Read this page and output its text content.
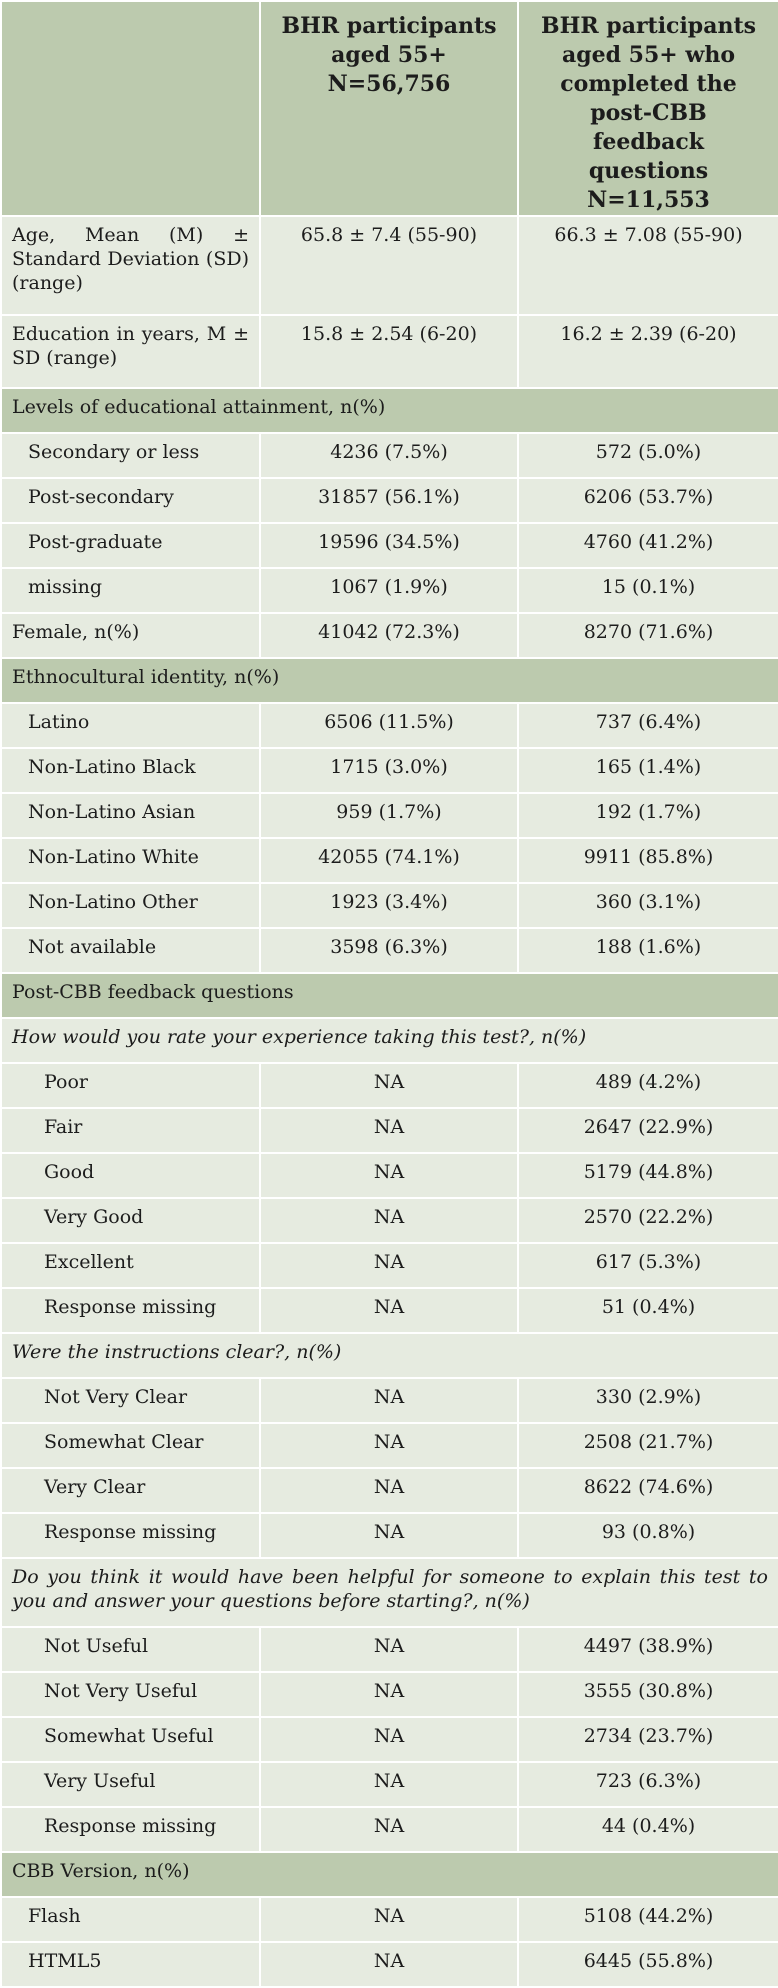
	BHR participants aged 55+ N=56,756	BHR participants aged 55+ who completed the post-CBB feedback questions N=11,553
Age, Mean (M) ± Standard Deviation (SD) (range)	65.8 ± 7.4 (55-90)	66.3 ± 7.08 (55-90)
Education in years, M ± SD (range)	15.8 ± 2.54 (6-20)	16.2 ± 2.39 (6-20)
Levels of educational attainment, n(%)		
Secondary or less	4236 (7.5%)	572 (5.0%)
Post-secondary	31857 (56.1%)	6206 (53.7%)
Post-graduate	19596 (34.5%)	4760 (41.2%)
missing	1067 (1.9%)	15 (0.1%)
Female, n(%)	41042 (72.3%)	8270 (71.6%)
Ethnocultural identity, n(%)		
Latino	6506 (11.5%)	737 (6.4%)
Non-Latino Black	1715 (3.0%)	165 (1.4%)
Non-Latino Asian	959 (1.7%)	192 (1.7%)
Non-Latino White	42055 (74.1%)	9911 (85.8%)
Non-Latino Other	1923 (3.4%)	360 (3.1%)
Not available	3598 (6.3%)	188 (1.6%)
Post-CBB feedback questions		
How would you rate your experience taking this test?, n(%)		
Poor	NA	489 (4.2%)
Fair	NA	2647 (22.9%)
Good	NA	5179 (44.8%)
Very Good	NA	2570 (22.2%)
Excellent	NA	617 (5.3%)
Response missing	NA	51 (0.4%)
Were the instructions clear?, n(%)		
Not Very Clear	NA	330 (2.9%)
Somewhat Clear	NA	2508 (21.7%)
Very Clear	NA	8622 (74.6%)
Response missing	NA	93 (0.8%)
Do you think it would have been helpful for someone to explain this test to you and answer your questions before starting?, n(%)		
Not Useful	NA	4497 (38.9%)
Not Very Useful	NA	3555 (30.8%)
Somewhat Useful	NA	2734 (23.7%)
Very Useful	NA	723 (6.3%)
Response missing	NA	44 (0.4%)
CBB Version, n(%)		
Flash	NA	5108 (44.2%)
HTML5	NA	6445 (55.8%)
